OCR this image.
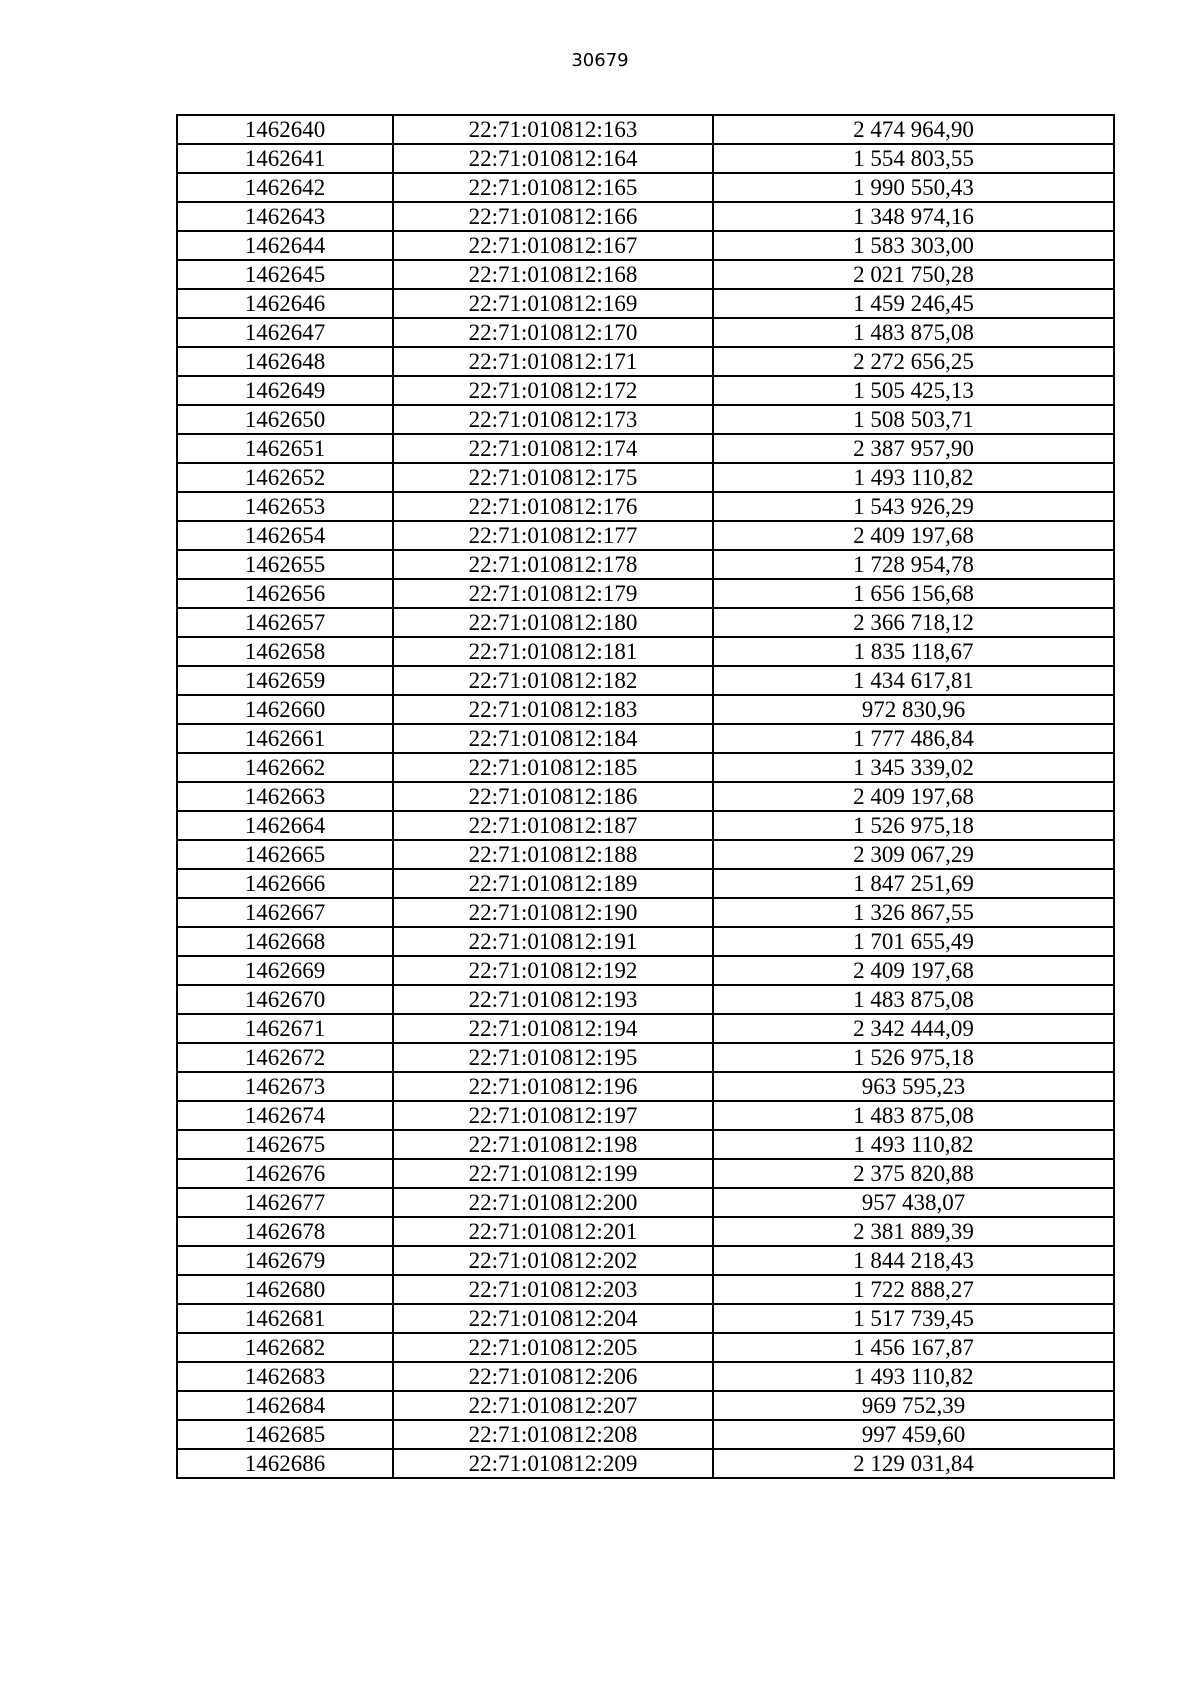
30679
1462640	22:71:010812:163	2 474 964,90
1462641	22:71:010812:164	1 554 803,55
1462642	22:71:010812:165	1 990 550,43
1462643	22:71:010812:166	1 348 974,16
1462644	22:71:010812:167	1 583 303,00
1462645	22:71:010812:168	2 021 750,28
1462646	22:71:010812:169	1 459 246,45
1462647	22:71:010812:170	1 483 875,08
1462648	22:71:010812:171	2 272 656,25
1462649	22:71:010812:172	1 505 425,13
1462650	22:71:010812:173	1 508 503,71
1462651	22:71:010812:174	2 387 957,90
1462652	22:71:010812:175	1 493 110,82
1462653	22:71:010812:176	1 543 926,29
1462654	22:71:010812:177	2 409 197,68
1462655	22:71:010812:178	1 728 954,78
1462656	22:71:010812:179	1 656 156,68
1462657	22:71:010812:180	2 366 718,12
1462658	22:71:010812:181	1 835 118,67
1462659	22:71:010812:182	1 434 617,81
1462660	22:71:010812:183	972 830,96
1462661	22:71:010812:184	1 777 486,84
1462662	22:71:010812:185	1 345 339,02
1462663	22:71:010812:186	2 409 197,68
1462664	22:71:010812:187	1 526 975,18
1462665	22:71:010812:188	2 309 067,29
1462666	22:71:010812:189	1 847 251,69
1462667	22:71:010812:190	1 326 867,55
1462668	22:71:010812:191	1 701 655,49
1462669	22:71:010812:192	2 409 197,68
1462670	22:71:010812:193	1 483 875,08
1462671	22:71:010812:194	2 342 444,09
1462672	22:71:010812:195	1 526 975,18
1462673	22:71:010812:196	963 595,23
1462674	22:71:010812:197	1 483 875,08
1462675	22:71:010812:198	1 493 110,82
1462676	22:71:010812:199	2 375 820,88
1462677	22:71:010812:200	957 438,07
1462678	22:71:010812:201	2 381 889,39
1462679	22:71:010812:202	1 844 218,43
1462680	22:71:010812:203	1 722 888,27
1462681	22:71:010812:204	1 517 739,45
1462682	22:71:010812:205	1 456 167,87
1462683	22:71:010812:206	1 493 110,82
1462684	22:71:010812:207	969 752,39
1462685	22:71:010812:208	997 459,60
1462686	22:71:010812:209	2 129 031,84
